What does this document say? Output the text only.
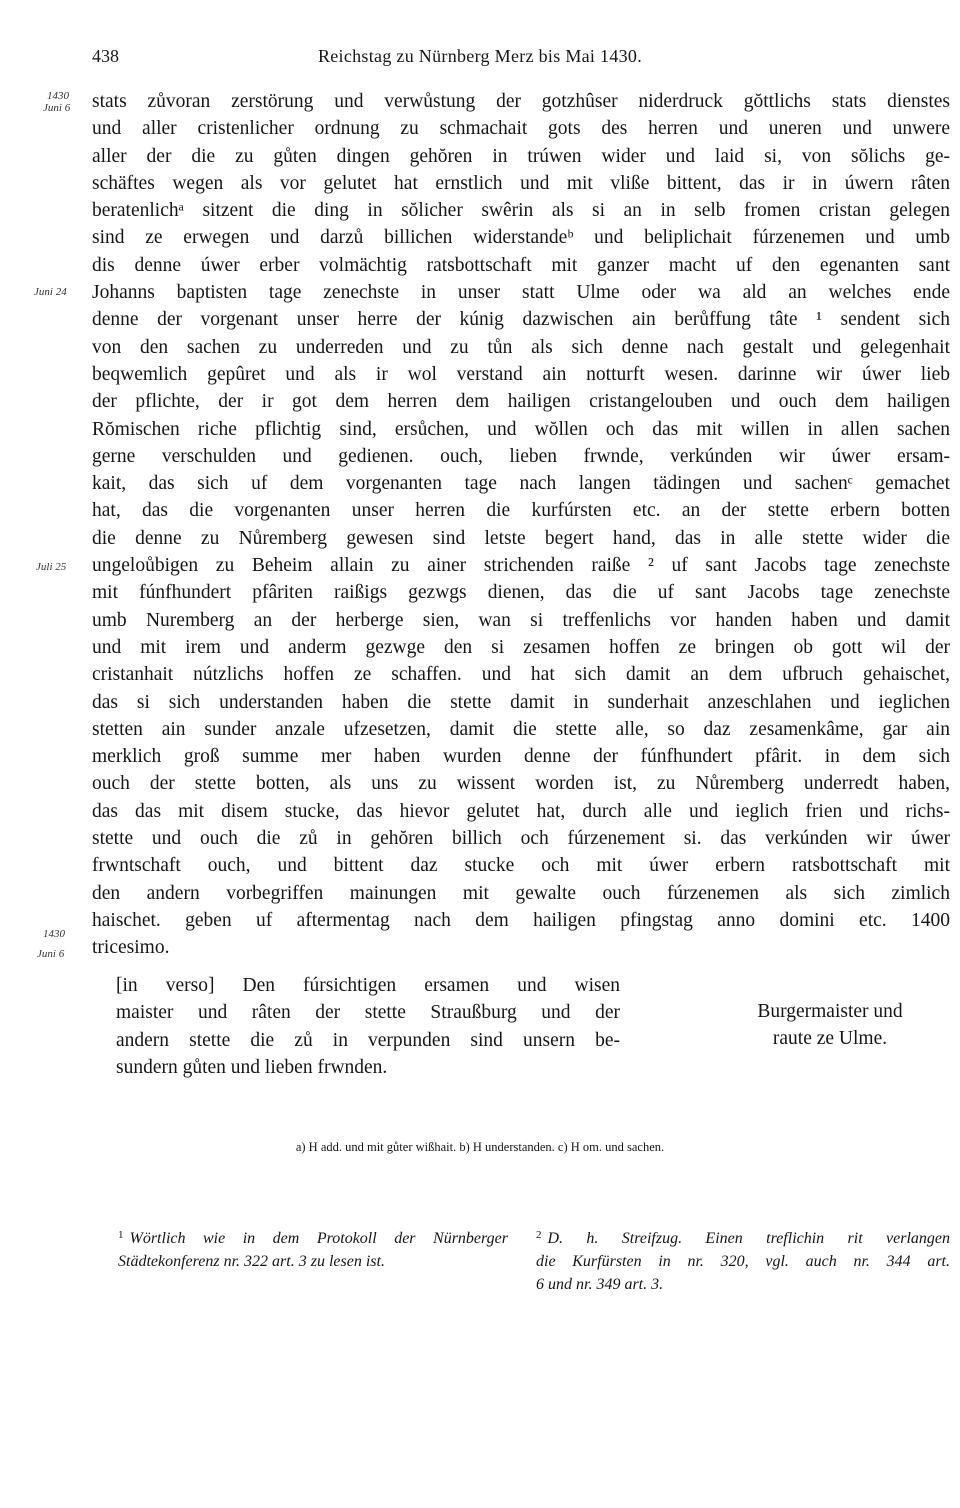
438	Reichstag zu Nürnberg Merz bis Mai 1430.
1430
Juni 6
Juni 24
Juli 25
1430
Juni 6
stats zůvoran zerstörung und verwůstung der gotzhûser niderdruck gŏttlichs stats dienstes
und aller cristenlicher ordnung zu schmachait gots des herren und uneren und unwere
aller der die zu gůten dingen gehŏren in trúwen wider und laid si, von sŏlichs ge-
schäftes wegen als vor gelutet hat ernstlich und mit vliße bittent, das ir in úwern râten
beratenlichᵃ sitzent die ding in sŏlicher swêrin als si an in selb fromen cristan gelegen
sind ze erwegen und darzů billichen widerstandeᵇ und beliplichait fúrzenemen und umb
dis denne úwer erber volmächtig ratsbottschaft mit ganzer macht uf den egenanten sant
Johanns baptisten tage zenechste in unser statt Ulme oder wa ald an welches ende
denne der vorgenant unser herre der kúnig dazwischen ain berůffung tâte ¹ sendent sich
von den sachen zu underreden und zu tůn als sich denne nach gestalt und gelegenhait
beqwemlich gepûret und als ir wol verstand ain notturft wesen. darinne wir úwer lieb
der pflichte, der ir got dem herren dem hailigen cristangelouben und ouch dem hailigen
Rŏmischen riche pflichtig sind, ersůchen, und wŏllen och das mit willen in allen sachen
gerne verschulden und gedienen. ouch, lieben frwnde, verkúnden wir úwer ersam-
kait, das sich uf dem vorgenanten tage nach langen tädingen und sachenᶜ gemachet
hat, das die vorgenanten unser herren die kurfúrsten etc. an der stette erbern botten
die denne zu Nůremberg gewesen sind letste begert hand, das in alle stette wider die
ungeloůbigen zu Beheim allain zu ainer strichenden raiße ² uf sant Jacobs tage zenechste
mit fúnfhundert pfâriten raißigs gezwgs dienen, das die uf sant Jacobs tage zenechste
umb Nuremberg an der herberge sien, wan si treffenlichs vor handen haben und damit
und mit irem und anderm gezwge den si zesamen hoffen ze bringen ob gott wil der
cristanhait nútzlichs hoffen ze schaffen. und hat sich damit an dem ufbruch gehaischet,
das si sich understanden haben die stette damit in sunderhait anzeschlahen und ieglichen
stetten ain sunder anzale ufzesetzen, damit die stette alle, so daz zesamenkâme, gar ain
merklich groß summe mer haben wurden denne der fúnfhundert pfârit. in dem sich
ouch der stette botten, als uns zu wissent worden ist, zu Nůremberg underredt haben,
das das mit disem stucke, das hievor gelutet hat, durch alle und ieglich frien und richs-
stette und ouch die zů in gehŏren billich och fúrzenement si. das verkúnden wir úwer
frwntschaft ouch, und bittent daz stucke och mit úwer erbern ratsbottschaft mit
den andern vorbegriffen mainungen mit gewalte ouch fúrzenemen als sich zimlich
haischet. geben uf aftermentag nach dem hailigen pfingstag anno domini etc. 1400
tricesimo.
[in verso] Den fúrsichtigen ersamen und wisen
maister und râten der stette Straußburg und der
andern stette die zů in verpunden sind unsern be-
sundern gůten und lieben frwnden.
Burgermaister und
raute ze Ulme.
a) H add. und mit gůter wißhait. b) H understanden. c) H om. und sachen.
$^1$ Wörtlich wie in dem Protokoll der Nürnberger
Städtekonferenz nr. 322 art. 3 zu lesen ist.
$^2$ D. h. Streifzug. Einen treflichin rit verlangen
die Kurfürsten in nr. 320, vgl. auch nr. 344 art.
6 und nr. 349 art. 3.
